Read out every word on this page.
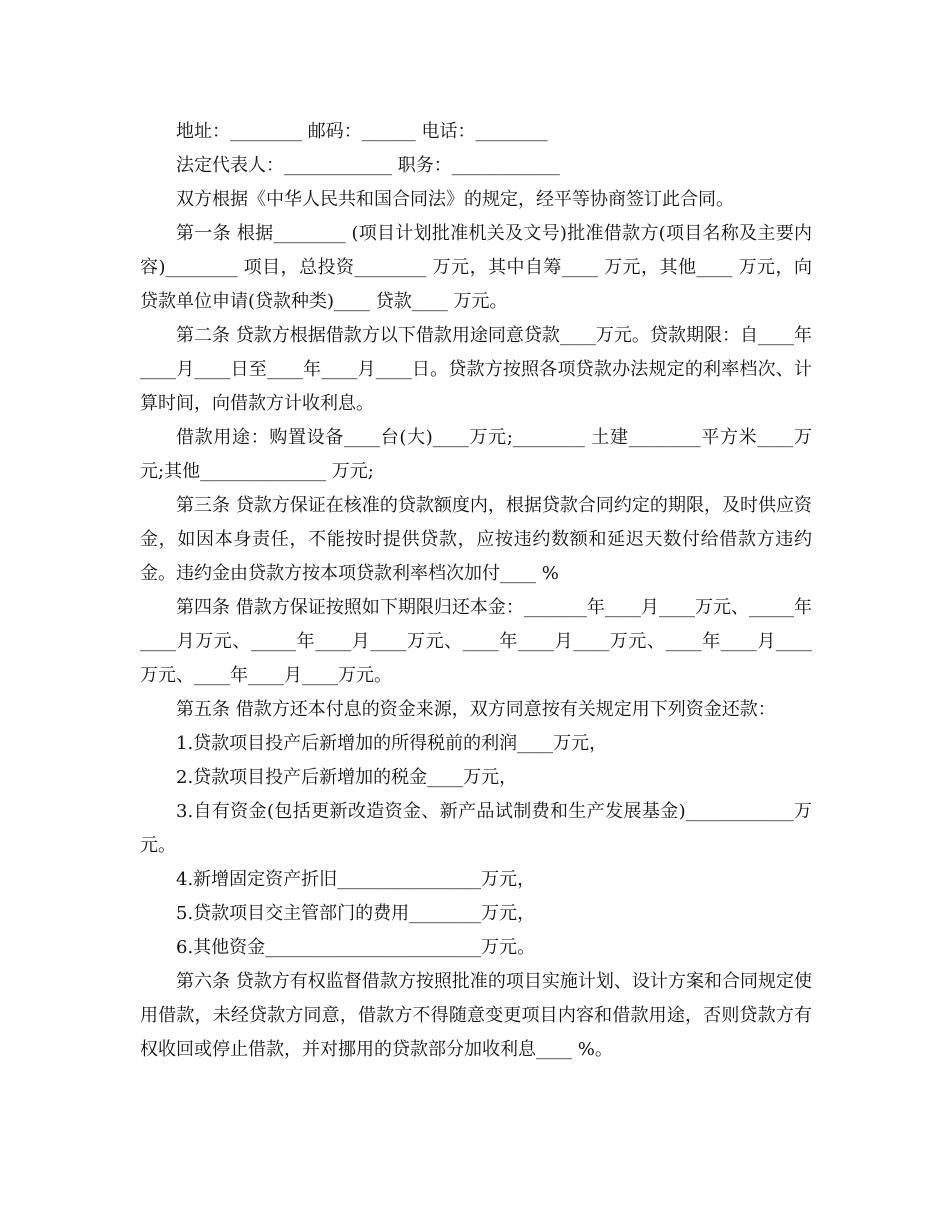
地址：________ 邮码：______ 电话：________

法定代表人：____________ 职务：____________

双方根据《中华人民共和国合同法》的规定，经平等协商签订此合同。

第一条 根据________ (项目计划批准机关及文号)批准借款方(项目名称及主要内容)________ 项目，总投资________ 万元，其中自筹____ 万元，其他____ 万元，向贷款单位申请(贷款种类)____ 贷款____ 万元。

第二条 贷款方根据借款方以下借款用途同意贷款____万元。贷款期限：自____年____月____日至____年____月____日。贷款方按照各项贷款办法规定的利率档次、计算时间，向借款方计收利息。

借款用途：购置设备____台(大)____万元;________ 土建________平方米____万元;其他______________ 万元;

第三条 贷款方保证在核准的贷款额度内，根据贷款合同约定的期限，及时供应资金，如因本身责任，不能按时提供贷款，应按违约数额和延迟天数付给借款方违约金。违约金由贷款方按本项贷款利率档次加付____ %

第四条 借款方保证按照如下期限归还本金：_______年____月____万元、_____年____月万元、_____年____月____万元、____年____月____万元、____年____月____万元、____年____月____万元。

第五条 借款方还本付息的资金来源，双方同意按有关规定用下列资金还款：

1.贷款项目投产后新增加的所得税前的利润____万元，

2.贷款项目投产后新增加的税金____万元，

3.自有资金(包括更新改造资金、新产品试制费和生产发展基金)____________万元。

4.新增固定资产折旧________________万元，

5.贷款项目交主管部门的费用________万元，

6.其他资金________________________万元。

第六条 贷款方有权监督借款方按照批准的项目实施计划、设计方案和合同规定使用借款，未经贷款方同意，借款方不得随意变更项目内容和借款用途，否则贷款方有权收回或停止借款，并对挪用的贷款部分加收利息____ %。
